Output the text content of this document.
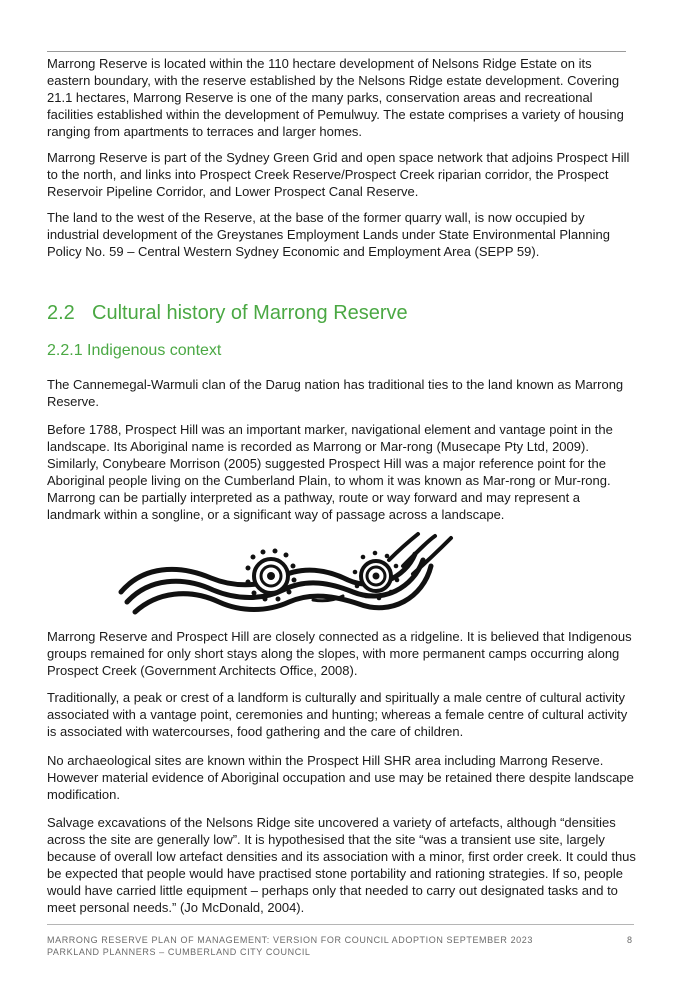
Marrong Reserve is located within the 110 hectare development of Nelsons Ridge Estate on its eastern boundary, with the reserve established by the Nelsons Ridge estate development. Covering 21.1 hectares, Marrong Reserve is one of the many parks, conservation areas and recreational facilities established within the development of Pemulwuy. The estate comprises a variety of housing ranging from apartments to terraces and larger homes.

Marrong Reserve is part of the Sydney Green Grid and open space network that adjoins Prospect Hill to the north, and links into Prospect Creek Reserve/Prospect Creek riparian corridor, the Prospect Reservoir Pipeline Corridor, and Lower Prospect Canal Reserve.

The land to the west of the Reserve, at the base of the former quarry wall, is now occupied by industrial development of the Greystanes Employment Lands under State Environmental Planning Policy No. 59 – Central Western Sydney Economic and Employment Area (SEPP 59).

2.2 Cultural history of Marrong Reserve
2.2.1 Indigenous context

The Cannemegal-Warmuli clan of the Darug nation has traditional ties to the land known as Marrong Reserve.

Before 1788, Prospect Hill was an important marker, navigational element and vantage point in the landscape. Its Aboriginal name is recorded as Marrong or Mar-rong (Musecape Pty Ltd, 2009). Similarly, Conybeare Morrison (2005) suggested Prospect Hill was a major reference point for the Aboriginal people living on the Cumberland Plain, to whom it was known as Mar-rong or Mur-rong. Marrong can be partially interpreted as a pathway, route or way forward and may represent a landmark within a songline, or a significant way of passage across a landscape.

Marrong Reserve and Prospect Hill are closely connected as a ridgeline. It is believed that Indigenous groups remained for only short stays along the slopes, with more permanent camps occurring along Prospect Creek (Government Architects Office, 2008).

Traditionally, a peak or crest of a landform is culturally and spiritually a male centre of cultural activity associated with a vantage point, ceremonies and hunting; whereas a female centre of cultural activity is associated with watercourses, food gathering and the care of children.

No archaeological sites are known within the Prospect Hill SHR area including Marrong Reserve. However material evidence of Aboriginal occupation and use may be retained there despite landscape modification.

Salvage excavations of the Nelsons Ridge site uncovered a variety of artefacts, although “densities across the site are generally low”. It is hypothesised that the site “was a transient use site, largely because of overall low artefact densities and its association with a minor, first order creek. It could thus be expected that people would have practised stone portability and rationing strategies. If so, people would have carried little equipment – perhaps only that needed to carry out designated tasks and to meet personal needs.” (Jo McDonald, 2004).

MARRONG RESERVE PLAN OF MANAGEMENT: VERSION FOR COUNCIL ADOPTION SEPTEMBER 2023
PARKLAND PLANNERS – CUMBERLAND CITY COUNCIL
8
